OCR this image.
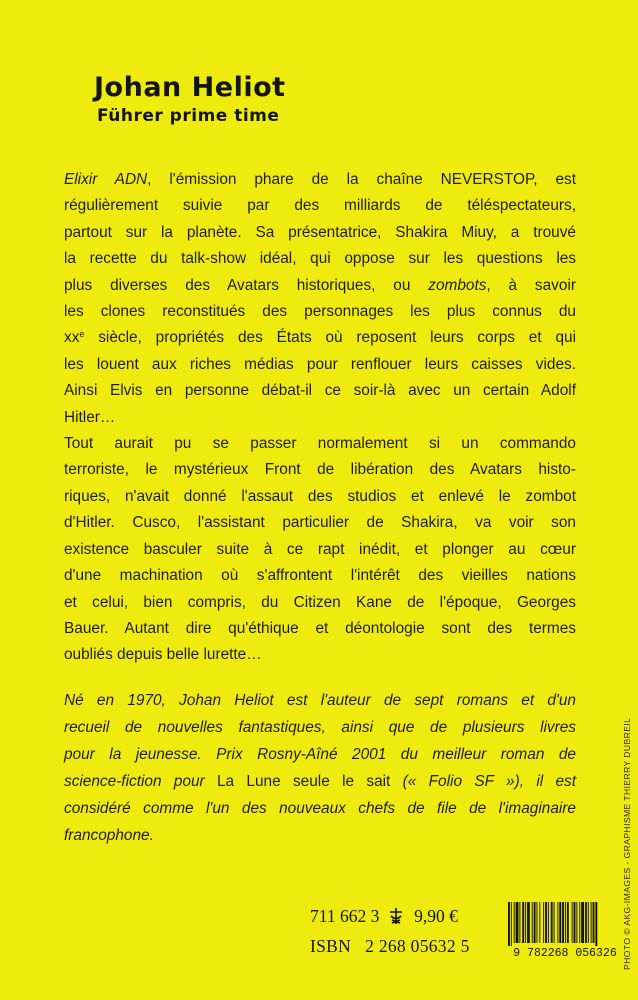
Johan Heliot
Führer prime time

Elixir ADN, l'émission phare de la chaîne NEVERSTOP, est
régulièrement suivie par des milliards de téléspectateurs,
partout sur la planète. Sa présentatrice, Shakira Miuy, a trouvé
la recette du talk-show idéal, qui oppose sur les questions les
plus diverses des Avatars historiques, ou zombots, à savoir
les clones reconstitués des personnages les plus connus du
$xx^e$ siècle, propriétés des États où reposent leurs corps et qui
les louent aux riches médias pour renflouer leurs caisses vides.
Ainsi Elvis en personne débat-il ce soir-là avec un certain Adolf
Hitler…

Tout aurait pu se passer normalement si un commando
terroriste, le mystérieux Front de libération des Avatars histo-
riques, n'avait donné l'assaut des studios et enlevé le zombot
d'Hitler. Cusco, l'assistant particulier de Shakira, va voir son
existence basculer suite à ce rapt inédit, et plonger au cœur
d'une machination où s'affrontent l'intérêt des vieilles nations
et celui, bien compris, du Citizen Kane de l'époque, Georges
Bauer. Autant dire qu'éthique et déontologie sont des termes
oubliés depuis belle lurette…

Né en 1970, Johan Heliot est l'auteur de sept romans et d'un
recueil de nouvelles fantastiques, ainsi que de plusieurs livres
pour la jeunesse. Prix Rosny-Aîné 2001 du meilleur roman de
science-fiction pour La Lune seule le sait (« Folio SF »), il est
considéré comme l'un des nouveaux chefs de file de l'imaginaire
francophone.	PHOTO © AKG-IMAGES - GRAPHISME THIERRY DUBREIL
711 662 3 9,90 €
ISBN 2 268 05632 5	9 782268 056326
